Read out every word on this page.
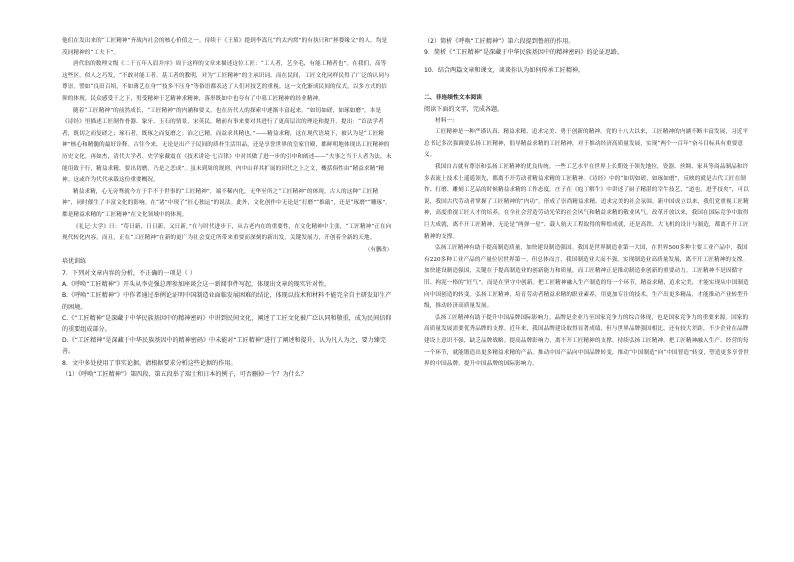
他们在发出来的“工匠精神”齐战内社会的核心价值之一。待续于《王墓》提到李嵩凡“约太内窝”的有执只和“拯婺缘父”的人。均是茂同精神的“工夫下”。

唐代翁的数理文级《二千五年入眉并序》周于这样的文章来描述这位工匠：“工人者，艺全毛，有能工精者也”。在我们，高等这些区，似人之巧发，“不敢对能工者。基工者的教明，对为“工匠精神”的主承识词。而在民间，工匠文化同样民得了广泛的认同与尊崇。譬如“良田百顷，不如薄艺在身”“技多不压身”等俗语都表达了人们对技艺的重视。这一文化渐成民间的仪式，以多方式的信仰的体现。民众感受干之下，男受精神于艺精神求精神，落形既如中也夸有了中墓工匠精神的经业精神。

随着“工匠精神”的前然成长，“工匠精神”的内涵和要义，也在历代人的探索中逐渐丰富起来。“如切如磋，如琢如磨”，本是《诗经》里描述工匠制作骨器、象牙、玉石的情景，宋英民，精前有事来要对其进行了更高层次的理论和提升，提出：“首法学者者，既切之而复磋之；琢石者，既琢之而复磨之；治之已精，而益求其精也。”——精益求精，这在现代语境下，被认为是“工匠精神”核心和精髓的最好诠释。古往今来，无论是出产于民间的质朴生活用品，还是享誉世界的皇家宫殿，都鲜明地体现出工匠精神的历史文化。再如杰，清代大学者、史学家戴震在《技术讲论·七百律》中对其做了进一步的引申和阐述——“夫事之当于人者为法，未能用致于行，精益求精，要出切磨，乃是之恋成”。虽未到周的规则，内中山祥其扩展的因代之上之文，概括俱性由“精益求精”精神。这或许为代代承载这份重要概况。

精益求精，心无旁骛就今方于手不于世事的“工匠精神”，端不稀内化，无华至所之“工匠精神”的体现。古人的这种“工匠精神”，同时催生了丰富文化的影响。在“诸”中现了“匠心独运”的说法。此外，文化创作中无论是“打磨”“推敲”，还是“琢磨”“雕琢”，都是精益求精的“工匠精神”在文化领域中的体现。

《礼记·大学》曰：“苟日新，日日新，又日新。”在与时代进步下，从古老内在的重要性，在文化精神中主张，“工匠精神”正在向现代转化内容，而且，正在“工匠精神”在新的更广为社会变迁所带来重要而深刻的新出发，关键发展力，开创着全新的天地。

（有删改）

培优训练

7．下列对文章内容的分析，不正确的一项是（ ）

A.《呼唤“工匠精神”》开头从李克强总理参加座谈会这一新闻事件写起，体现出文章的现实针对性。

B.《呼唤“工匠精神”》中作者通过举例论证明中国制造业面临发展困难的结论，体现以技术和材料不能完全自主研发却生产的困境。

C.《“工匠精神”是深藏于中华民族基因中的精神密码》中讲到民间文化，阐述了工匠文化被广泛认同和敬重，成为民间信仰的重要组成部分。

D.《“工匠精神”是深藏于中华民族基因中的精神密码》中未能对“工匠精神”进行了阐述和提升，认为凡人为之，要力臻完善。

8．文中多处使用了事实论据，请根据要求分析这些论据的作用。

（1）《呼唤“工匠精神”》第四段、第五段举了瑞士和日本的例子，可否删掉一个？为什么？

（2）简析《呼唤“工匠精神”》第六段提到鲁班的作用。

9．简析《“工匠精神”是深藏于中华民族基因中的精神密码》的论证思路。

10．结合两篇文章和课文，谈谈你认为如何传承工匠精神。

二、非连续性文本阅读

阅读下面的文字，完成各题。

材料一：

工匠精神是一种严谨认真、精益求精、追求完美、勇于创新的精神。党的十八大以来，工匠精神的内涵不断丰富发展，习近平总书记多次强调要弘扬工匠精神，倡导精益求精的工匠精神，对于推动经济高质量发展，实现“两个一百年”奋斗目标具有重要意义。

我国自古就有尊崇和弘扬工匠精神的优良传统。一些工艺水平在世界上长期处于领先地位，瓷器、丝绸、家具等商品制品和许多表流上技术上遥遥领先，都离不开劳动者精益求精的工匠精神。《诗经》中的“如切如磋，如琢如磨”，反映的就是古代工匠在制作、打磨、雕刻工艺品的时候精益求精的工作态度。庄子在《庖丁解牛》中讲述了厨子精湛的宰牛技艺，“道也，进乎技矣”，可以说，我国古代劳动者掌握了工匠精神的“内功”，形成了崇尚精益求精、追求完美的社会氛围。新中国成立以来，我们党重视工匠精神，高度重视工匠人才的培养，在全社会营造劳动光荣的社会风气和精益求精的敬业风气。改革开放以来，我国在国际竞争中取得巨大成就，离不开工匠精神，无论是“两弹一星”、载人航天工程取得的辉煌成就，还是高铁、大飞机的设计与制造，都离不开工匠精神的支撑。

弘扬工匠精神有助于提高制造质量，加快建设制造强国。我国是世界制造业第一大国，在世界500多种主要工业产品中，我国有220多种工业产品的产量位居世界第一，但总体而言，我国制造业大而不强，实现制造业高质量发展，离不开工匠精神的支撑。加快建设制造强国，关键在于提高制造业的创新能力和质量，而工匠精神正是推动制造业创新的重要动力。工匠精神不是因循守旧、拘泥一格的“匠气”，而是在坚守中创新。把工匠精神融入生产制造的每一个环节，精益求精，追求完美，才能实现从中国制造向中国创造的转变。弘扬工匠精神，培育劳动者精益求精的职业素养，用更加专注的技术，生产出更多精品，才能推动产业转型升级，推动经济高质量发展。

弘扬工匠精神有助于提升中国品牌国际影响力。品牌是企业乃至国家竞争力的综合体现，也是国家竞争力的重要来源。国家的高质量发展需要优秀品牌的支撑。近年来，我国品牌建设取得显著成绩，但与世界品牌强国相比，还有较大差距，不少企业在品牌建设上意识不强，缺乏品牌战略。提高品牌影响力，离不开工匠精神的支撑。持续弘扬工匠精神，把工匠精神融入生产、经营的每一个环节，就能锻造出更多精益求精的产品，推动中国产品向中国品牌转变，推动“中国制造”向“中国智造”转变，塑造更多享誉世界的中国品牌，提升中国品牌的国际影响力。
